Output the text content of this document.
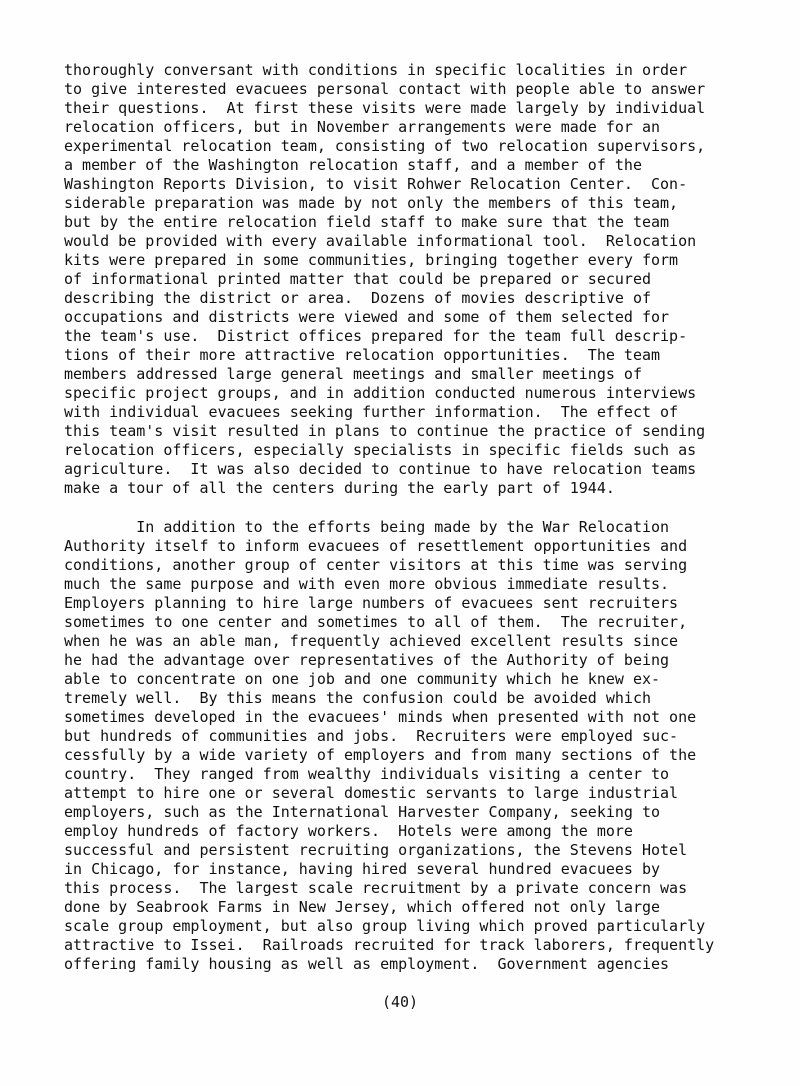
thoroughly conversant with conditions in specific localities in order
to give interested evacuees personal contact with people able to answer
their questions.  At first these visits were made largely by individual
relocation officers, but in November arrangements were made for an
experimental relocation team, consisting of two relocation supervisors,
a member of the Washington relocation staff, and a member of the
Washington Reports Division, to visit Rohwer Relocation Center.  Con-
siderable preparation was made by not only the members of this team,
but by the entire relocation field staff to make sure that the team
would be provided with every available informational tool.  Relocation
kits were prepared in some communities, bringing together every form
of informational printed matter that could be prepared or secured
describing the district or area.  Dozens of movies descriptive of
occupations and districts were viewed and some of them selected for
the team's use.  District offices prepared for the team full descrip-
tions of their more attractive relocation opportunities.  The team
members addressed large general meetings and smaller meetings of
specific project groups, and in addition conducted numerous interviews
with individual evacuees seeking further information.  The effect of
this team's visit resulted in plans to continue the practice of sending
relocation officers, especially specialists in specific fields such as
agriculture.  It was also decided to continue to have relocation teams
make a tour of all the centers during the early part of 1944.
In addition to the efforts being made by the War Relocation
Authority itself to inform evacuees of resettlement opportunities and
conditions, another group of center visitors at this time was serving
much the same purpose and with even more obvious immediate results.
Employers planning to hire large numbers of evacuees sent recruiters
sometimes to one center and sometimes to all of them.  The recruiter,
when he was an able man, frequently achieved excellent results since
he had the advantage over representatives of the Authority of being
able to concentrate on one job and one community which he knew ex-
tremely well.  By this means the confusion could be avoided which
sometimes developed in the evacuees' minds when presented with not one
but hundreds of communities and jobs.  Recruiters were employed suc-
cessfully by a wide variety of employers and from many sections of the
country.  They ranged from wealthy individuals visiting a center to
attempt to hire one or several domestic servants to large industrial
employers, such as the International Harvester Company, seeking to
employ hundreds of factory workers.  Hotels were among the more
successful and persistent recruiting organizations, the Stevens Hotel
in Chicago, for instance, having hired several hundred evacuees by
this process.  The largest scale recruitment by a private concern was
done by Seabrook Farms in New Jersey, which offered not only large
scale group employment, but also group living which proved particularly
attractive to Issei.  Railroads recruited for track laborers, frequently
offering family housing as well as employment.  Government agencies
(40)
